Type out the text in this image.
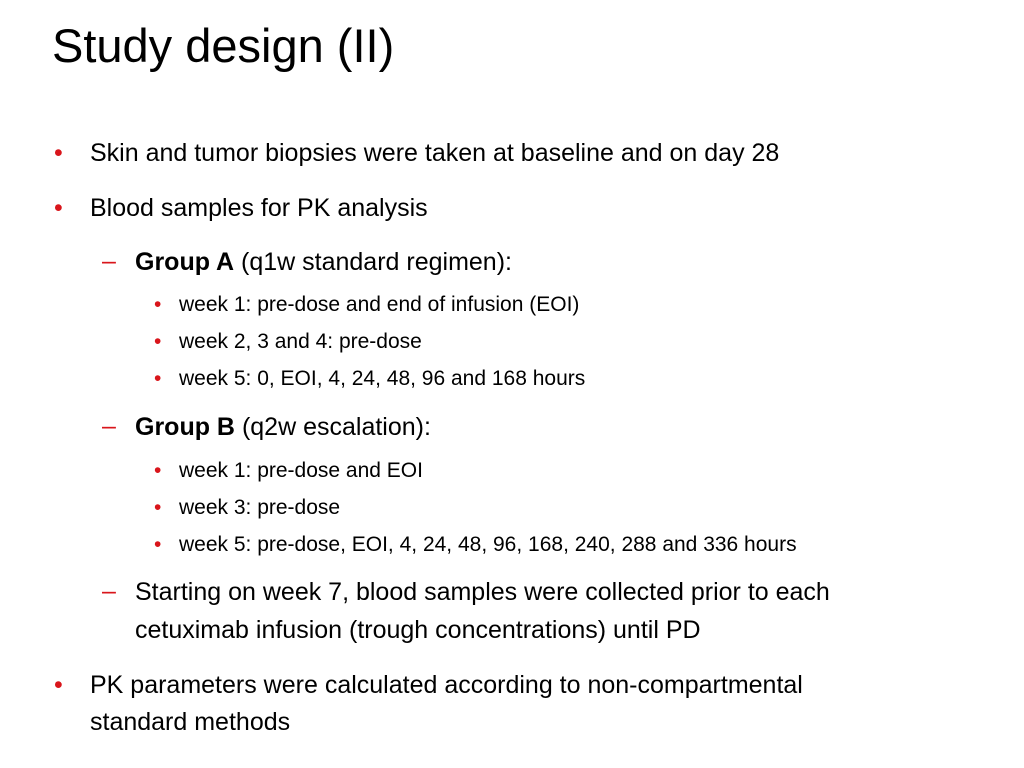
Study design (II)
• Skin and tumor biopsies were taken at baseline and on day 28
• Blood samples for PK analysis
– Group A (q1w standard regimen):
• week 1: pre-dose and end of infusion (EOI)
• week 2, 3 and 4: pre-dose
• week 5: 0, EOI, 4, 24, 48, 96 and 168 hours
– Group B (q2w escalation):
• week 1: pre-dose and EOI
• week 3: pre-dose
• week 5: pre-dose, EOI, 4, 24, 48, 96, 168, 240, 288 and 336 hours
– Starting on week 7, blood samples were collected prior to each
cetuximab infusion (trough concentrations) until PD
• PK parameters were calculated according to non-compartmental
standard methods
